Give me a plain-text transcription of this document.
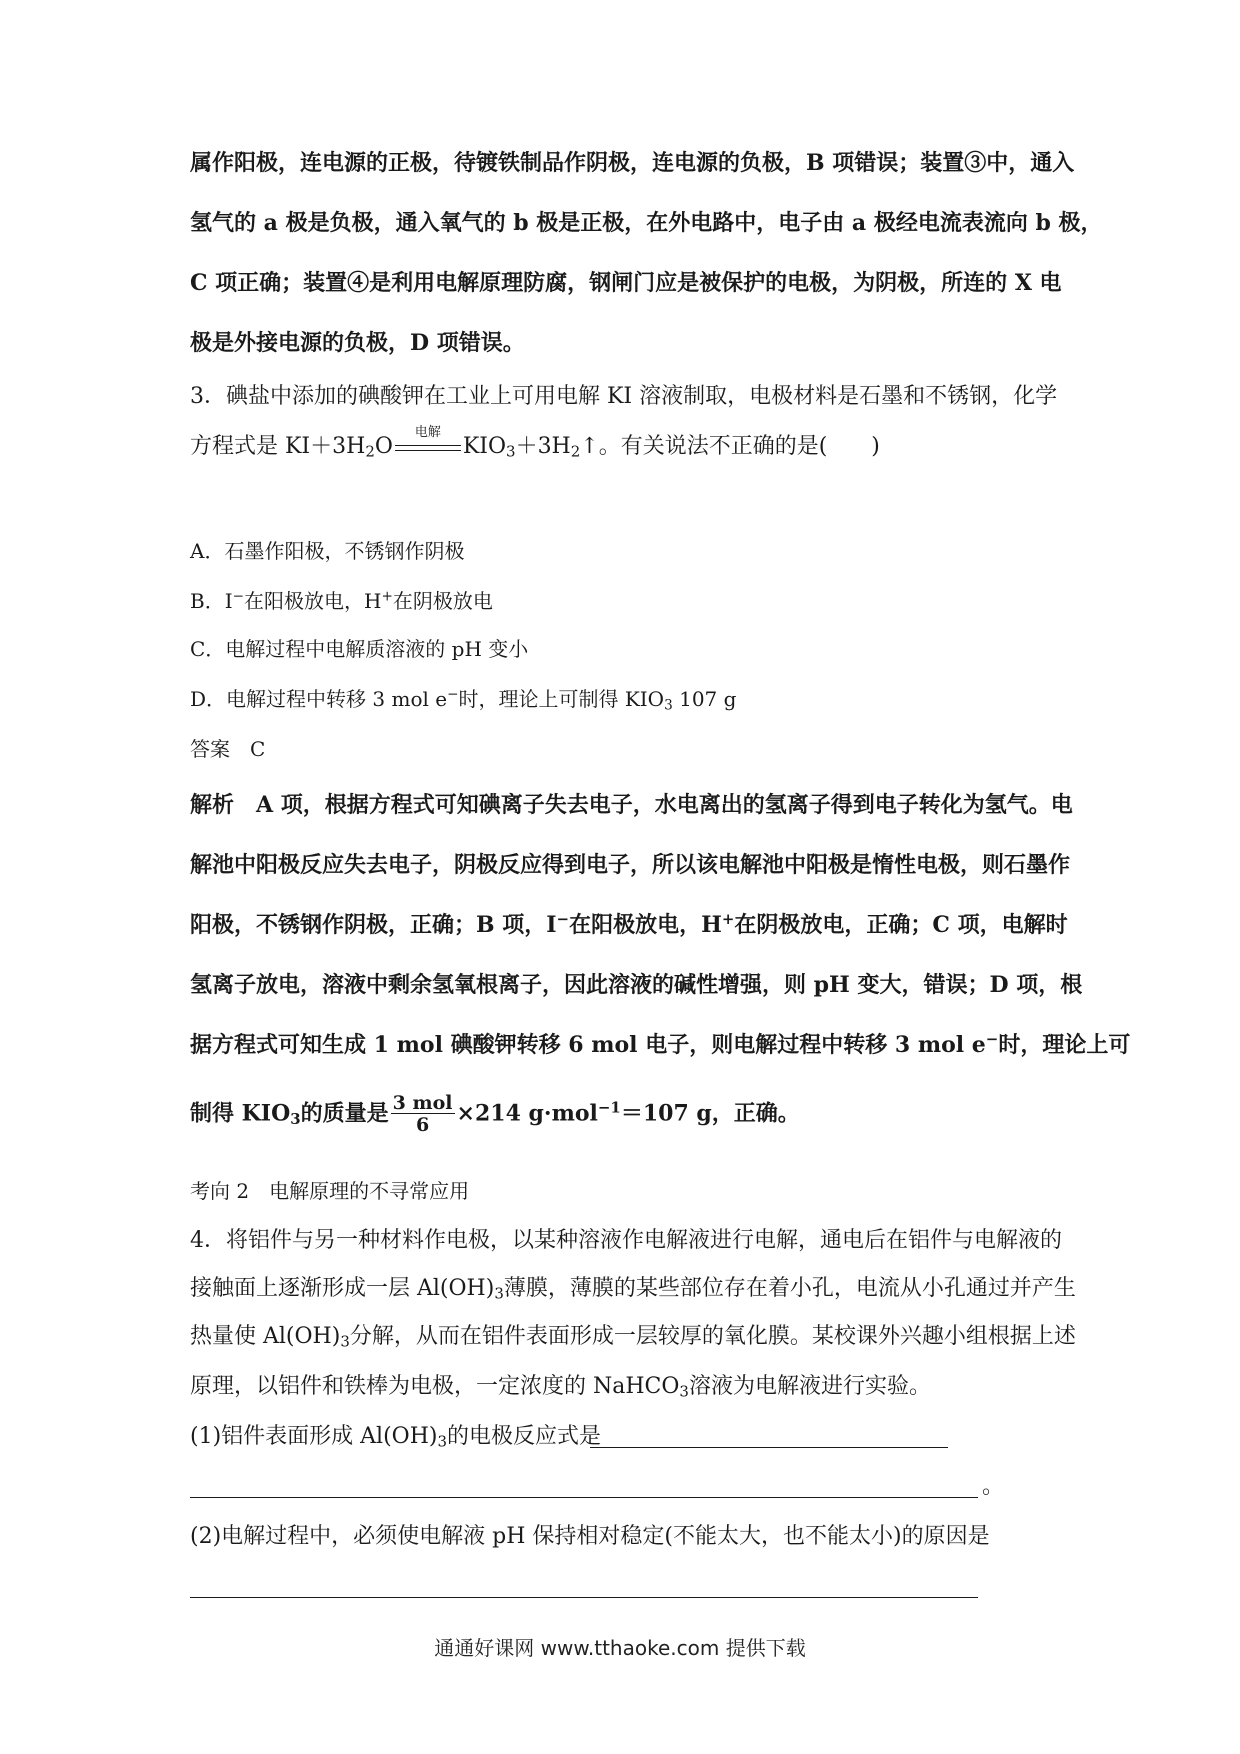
属作阳极，连电源的正极，待镀铁制品作阴极，连电源的负极，B 项错误；装置③中，通入
氢气的 a 极是负极，通入氧气的 b 极是正极，在外电路中，电子由 a 极经电流表流向 b 极，
C 项正确；装置④是利用电解原理防腐，钢闸门应是被保护的电极，为阴极，所连的 X 电
极是外接电源的负极，D 项错误。
3．碘盐中添加的碘酸钾在工业上可用电解 KI 溶液制取，电极材料是石墨和不锈钢，化学
方程式是 $KI+3H_2O$
电解
$KIO_3+3H_2↑$。有关说法不正确的是(　　)
A．石墨作阳极，不锈钢作阴极
B．I−在阳极放电，H+在阴极放电
C．电解过程中电解质溶液的 pH 变小
D．电解过程中转移 3 mol e−时，理论上可制得 $KIO_3$ 107 g
答案　C
解析　A 项，根据方程式可知碘离子失去电子，水电离出的氢离子得到电子转化为氢气。电
解池中阳极反应失去电子，阴极反应得到电子，所以该电解池中阳极是惰性电极，则石墨作
阳极，不锈钢作阴极，正确；B 项，I−在阳极放电，H+在阴极放电，正确；C 项，电解时
氢离子放电，溶液中剩余氢氧根离子，因此溶液的碱性增强，则 pH 变大，错误；D 项，根
据方程式可知生成 1 mol 碘酸钾转移 6 mol 电子，则电解过程中转移 3 mol e−时，理论上可
制得 $KIO_3$的质量是 $\frac{\text{3 mol}}{6} \times 214$ g·mol$^{-1}$＝107 g，正确。
考向 2　电解原理的不寻常应用
4．将铝件与另一种材料作电极，以某种溶液作电解液进行电解，通电后在铝件与电解液的
接触面上逐渐形成一层 $Al(OH)_3$薄膜，薄膜的某些部位存在着小孔，电流从小孔通过并产生
热量使 $Al(OH)_3$分解，从而在铝件表面形成一层较厚的氧化膜。某校课外兴趣小组根据上述
原理，以铝件和铁棒为电极，一定浓度的 NaHCO$_3$溶液为电解液进行实验。
(1)铝件表面形成 $Al(OH)_3$的电极反应式是
。
(2)电解过程中，必须使电解液 pH 保持相对稳定(不能太大，也不能太小)的原因是
通通好课网 www.tthaoke.com 提供下载
